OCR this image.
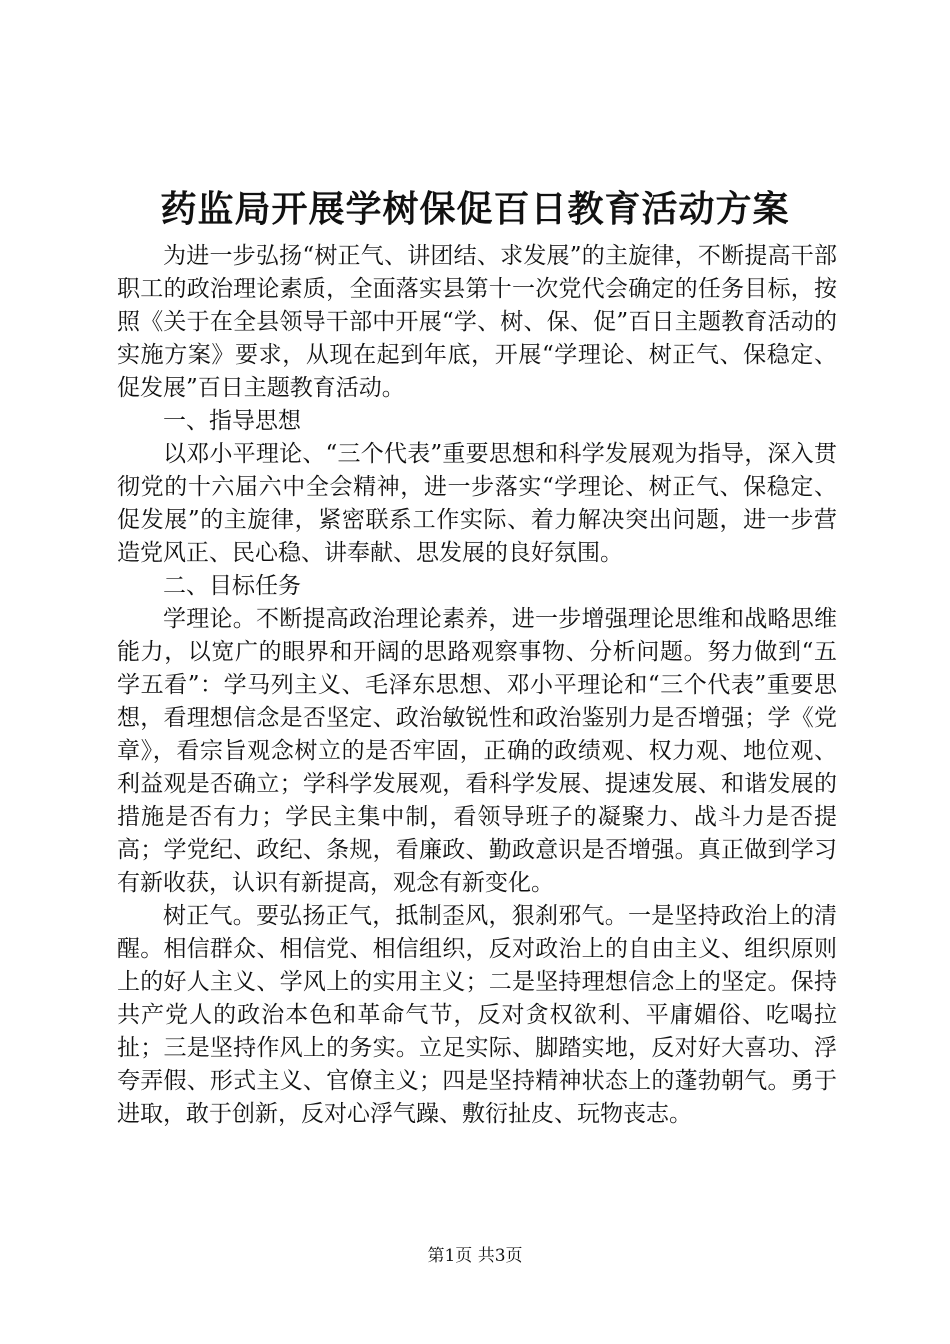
药监局开展学树保促百日教育活动方案

为进一步弘扬“树正气、讲团结、求发展”的主旋律，不断提高干部职工的政治理论素质，全面落实县第十一次党代会确定的任务目标，按照《关于在全县领导干部中开展“学、树、保、促”百日主题教育活动的实施方案》要求，从现在起到年底，开展“学理论、树正气、保稳定、促发展”百日主题教育活动。

一、指导思想

以邓小平理论、“三个代表”重要思想和科学发展观为指导，深入贯彻党的十六届六中全会精神，进一步落实“学理论、树正气、保稳定、促发展”的主旋律，紧密联系工作实际、着力解决突出问题，进一步营造党风正、民心稳、讲奉献、思发展的良好氛围。

二、目标任务

学理论。不断提高政治理论素养，进一步增强理论思维和战略思维能力，以宽广的眼界和开阔的思路观察事物、分析问题。努力做到“五学五看”：学马列主义、毛泽东思想、邓小平理论和“三个代表”重要思想，看理想信念是否坚定、政治敏锐性和政治鉴别力是否增强；学《党章》，看宗旨观念树立的是否牢固，正确的政绩观、权力观、地位观、利益观是否确立；学科学发展观，看科学发展、提速发展、和谐发展的措施是否有力；学民主集中制，看领导班子的凝聚力、战斗力是否提高；学党纪、政纪、条规，看廉政、勤政意识是否增强。真正做到学习有新收获，认识有新提高，观念有新变化。

树正气。要弘扬正气，抵制歪风，狠刹邪气。一是坚持政治上的清醒。相信群众、相信党、相信组织，反对政治上的自由主义、组织原则上的好人主义、学风上的实用主义；二是坚持理想信念上的坚定。保持共产党人的政治本色和革命气节，反对贪权欲利、平庸媚俗、吃喝拉扯；三是坚持作风上的务实。立足实际、脚踏实地，反对好大喜功、浮夸弄假、形式主义、官僚主义；四是坚持精神状态上的蓬勃朝气。勇于进取，敢于创新，反对心浮气躁、敷衍扯皮、玩物丧志。

第1页 共3页
